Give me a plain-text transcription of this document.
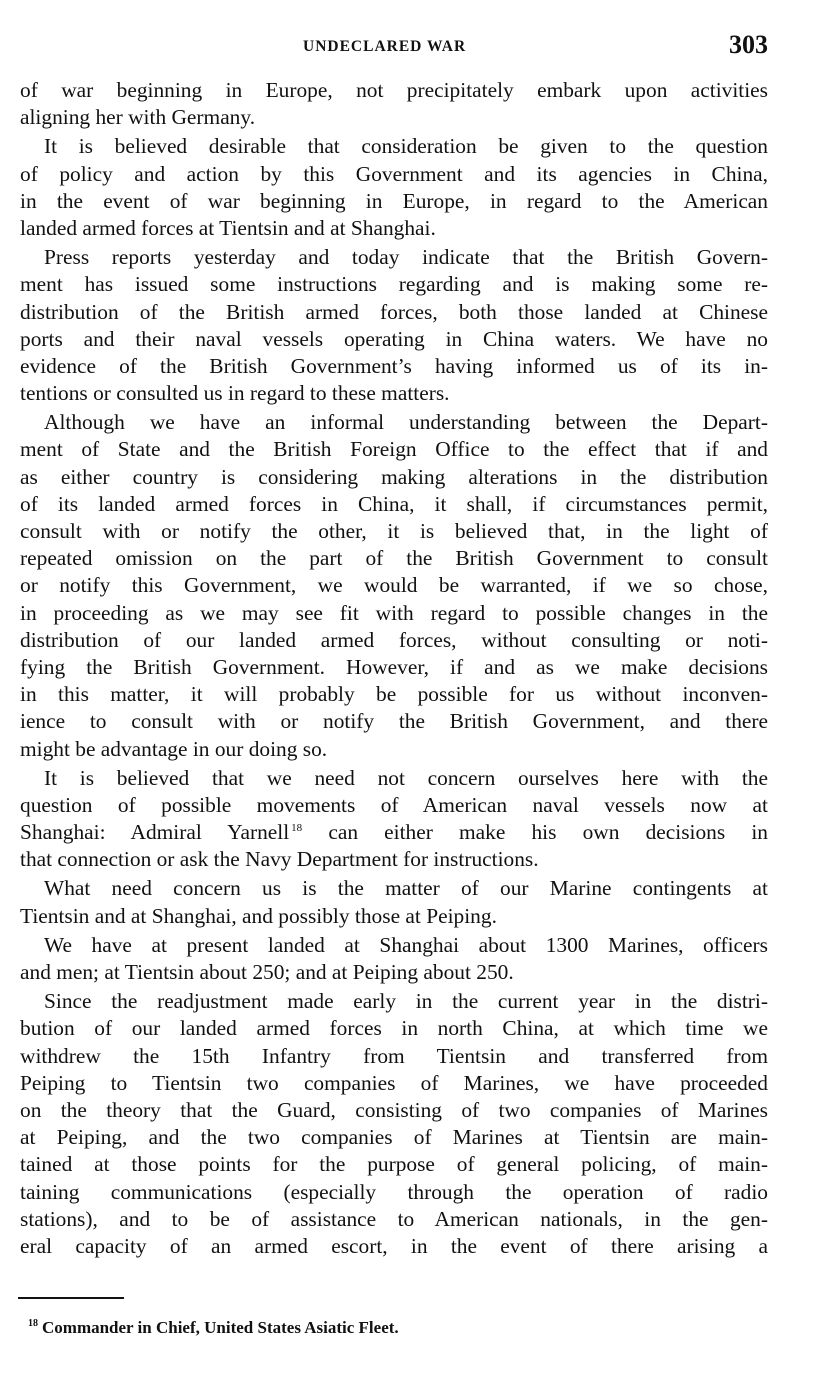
UNDECLARED WAR	303
of war beginning in Europe, not precipitately embark upon activities
aligning her with Germany.
It is believed desirable that consideration be given to the question
of policy and action by this Government and its agencies in China,
in the event of war beginning in Europe, in regard to the American
landed armed forces at Tientsin and at Shanghai.
Press reports yesterday and today indicate that the British Govern-
ment has issued some instructions regarding and is making some re-
distribution of the British armed forces, both those landed at Chinese
ports and their naval vessels operating in China waters. We have no
evidence of the British Government’s having informed us of its in-
tentions or consulted us in regard to these matters.
Although we have an informal understanding between the Depart-
ment of State and the British Foreign Office to the effect that if and
as either country is considering making alterations in the distribution
of its landed armed forces in China, it shall, if circumstances permit,
consult with or notify the other, it is believed that, in the light of
repeated omission on the part of the British Government to consult
or notify this Government, we would be warranted, if we so chose,
in proceeding as we may see fit with regard to possible changes in the
distribution of our landed armed forces, without consulting or noti-
fying the British Government. However, if and as we make decisions
in this matter, it will probably be possible for us without inconven-
ience to consult with or notify the British Government, and there
might be advantage in our doing so.
It is believed that we need not concern ourselves here with the
question of possible movements of American naval vessels now at
Shanghai: Admiral Yarnell $^{18}$ can either make his own decisions in
that connection or ask the Navy Department for instructions.
What need concern us is the matter of our Marine contingents at
Tientsin and at Shanghai, and possibly those at Peiping.
We have at present landed at Shanghai about 1300 Marines, officers
and men; at Tientsin about 250; and at Peiping about 250.
Since the readjustment made early in the current year in the distri-
bution of our landed armed forces in north China, at which time we
withdrew the 15th Infantry from Tientsin and transferred from
Peiping to Tientsin two companies of Marines, we have proceeded
on the theory that the Guard, consisting of two companies of Marines
at Peiping, and the two companies of Marines at Tientsin are main-
tained at those points for the purpose of general policing, of main-
taining communications (especially through the operation of radio
stations), and to be of assistance to American nationals, in the gen-
eral capacity of an armed escort, in the event of there arising a
$^{18}$ Commander in Chief, United States Asiatic Fleet.
